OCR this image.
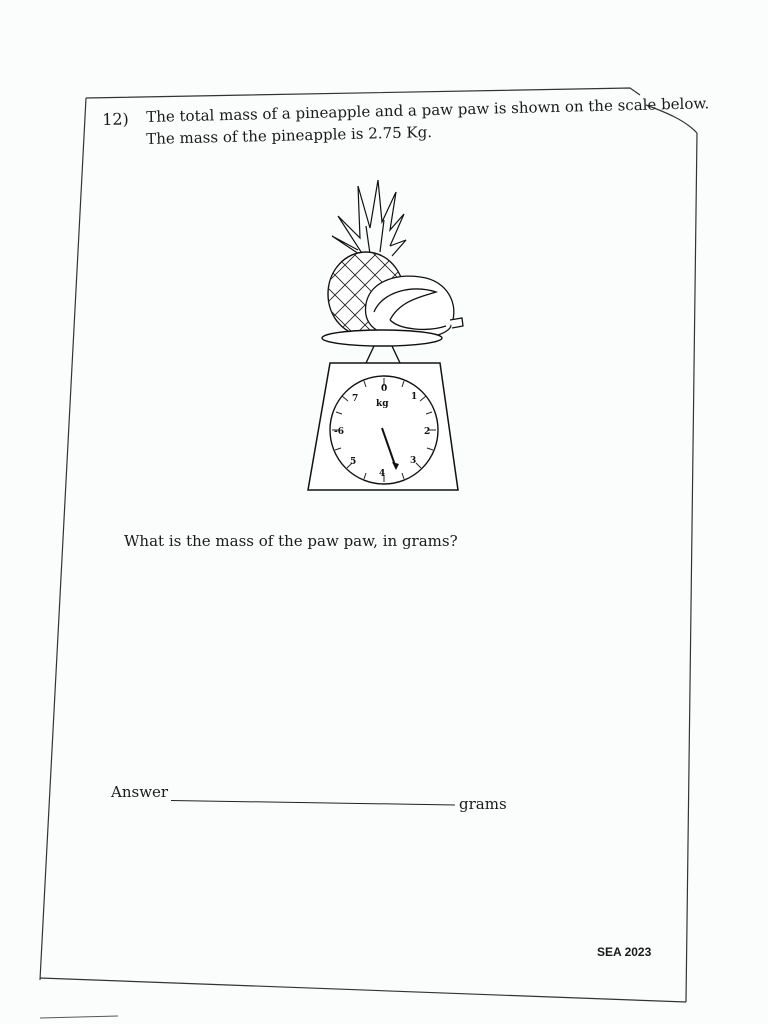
12) The total mass of a pineapple and a paw paw is shown on the scale below.
The mass of the pineapple is 2.75 Kg.
0
1
2
3
4
5
-6
7 kg
What is the mass of the paw paw, in grams?
Answer
grams
SEA 2023
